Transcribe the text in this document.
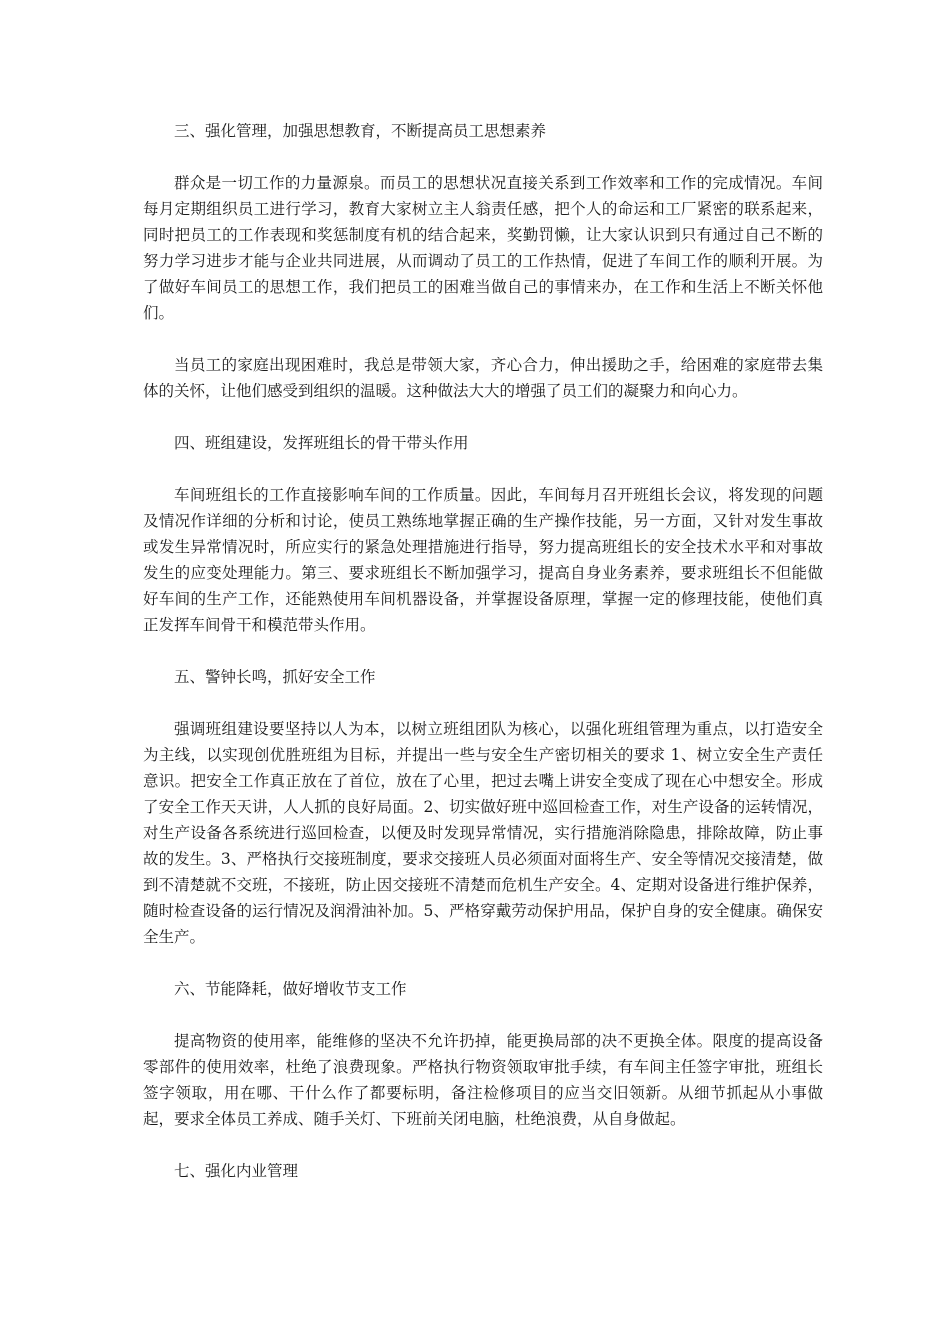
三、强化管理，加强思想教育，不断提高员工思想素养

群众是一切工作的力量源泉。而员工的思想状况直接关系到工作效率和工作的完成情况。车间每月定期组织员工进行学习，教育大家树立主人翁责任感，把个人的命运和工厂紧密的联系起来，同时把员工的工作表现和奖惩制度有机的结合起来，奖勤罚懒，让大家认识到只有通过自己不断的努力学习进步才能与企业共同进展，从而调动了员工的工作热情，促进了车间工作的顺利开展。为了做好车间员工的思想工作，我们把员工的困难当做自己的事情来办，在工作和生活上不断关怀他们。

当员工的家庭出现困难时，我总是带领大家，齐心合力，伸出援助之手，给困难的家庭带去集体的关怀，让他们感受到组织的温暖。这种做法大大的增强了员工们的凝聚力和向心力。

四、班组建设，发挥班组长的骨干带头作用

车间班组长的工作直接影响车间的工作质量。因此，车间每月召开班组长会议，将发现的问题及情况作详细的分析和讨论，使员工熟练地掌握正确的生产操作技能，另一方面，又针对发生事故或发生异常情况时，所应实行的紧急处理措施进行指导，努力提高班组长的安全技术水平和对事故发生的应变处理能力。第三、要求班组长不断加强学习，提高自身业务素养，要求班组长不但能做好车间的生产工作，还能熟使用车间机器设备，并掌握设备原理，掌握一定的修理技能，使他们真正发挥车间骨干和模范带头作用。

五、警钟长鸣，抓好安全工作

强调班组建设要坚持以人为本，以树立班组团队为核心，以强化班组管理为重点，以打造安全为主线，以实现创优胜班组为目标，并提出一些与安全生产密切相关的要求 1、树立安全生产责任意识。把安全工作真正放在了首位，放在了心里，把过去嘴上讲安全变成了现在心中想安全。形成了安全工作天天讲，人人抓的良好局面。2、切实做好班中巡回检查工作，对生产设备的运转情况，对生产设备各系统进行巡回检查，以便及时发现异常情况，实行措施消除隐患，排除故障，防止事故的发生。3、严格执行交接班制度，要求交接班人员必须面对面将生产、安全等情况交接清楚，做到不清楚就不交班，不接班，防止因交接班不清楚而危机生产安全。4、定期对设备进行维护保养，随时检查设备的运行情况及润滑油补加。5、严格穿戴劳动保护用品，保护自身的安全健康。确保安全生产。

六、节能降耗，做好增收节支工作

提高物资的使用率，能维修的坚决不允许扔掉，能更换局部的决不更换全体。限度的提高设备零部件的使用效率，杜绝了浪费现象。严格执行物资领取审批手续，有车间主任签字审批，班组长签字领取，用在哪、干什么作了都要标明，备注检修项目的应当交旧领新。从细节抓起从小事做起，要求全体员工养成、随手关灯、下班前关闭电脑，杜绝浪费，从自身做起。

七、强化内业管理
